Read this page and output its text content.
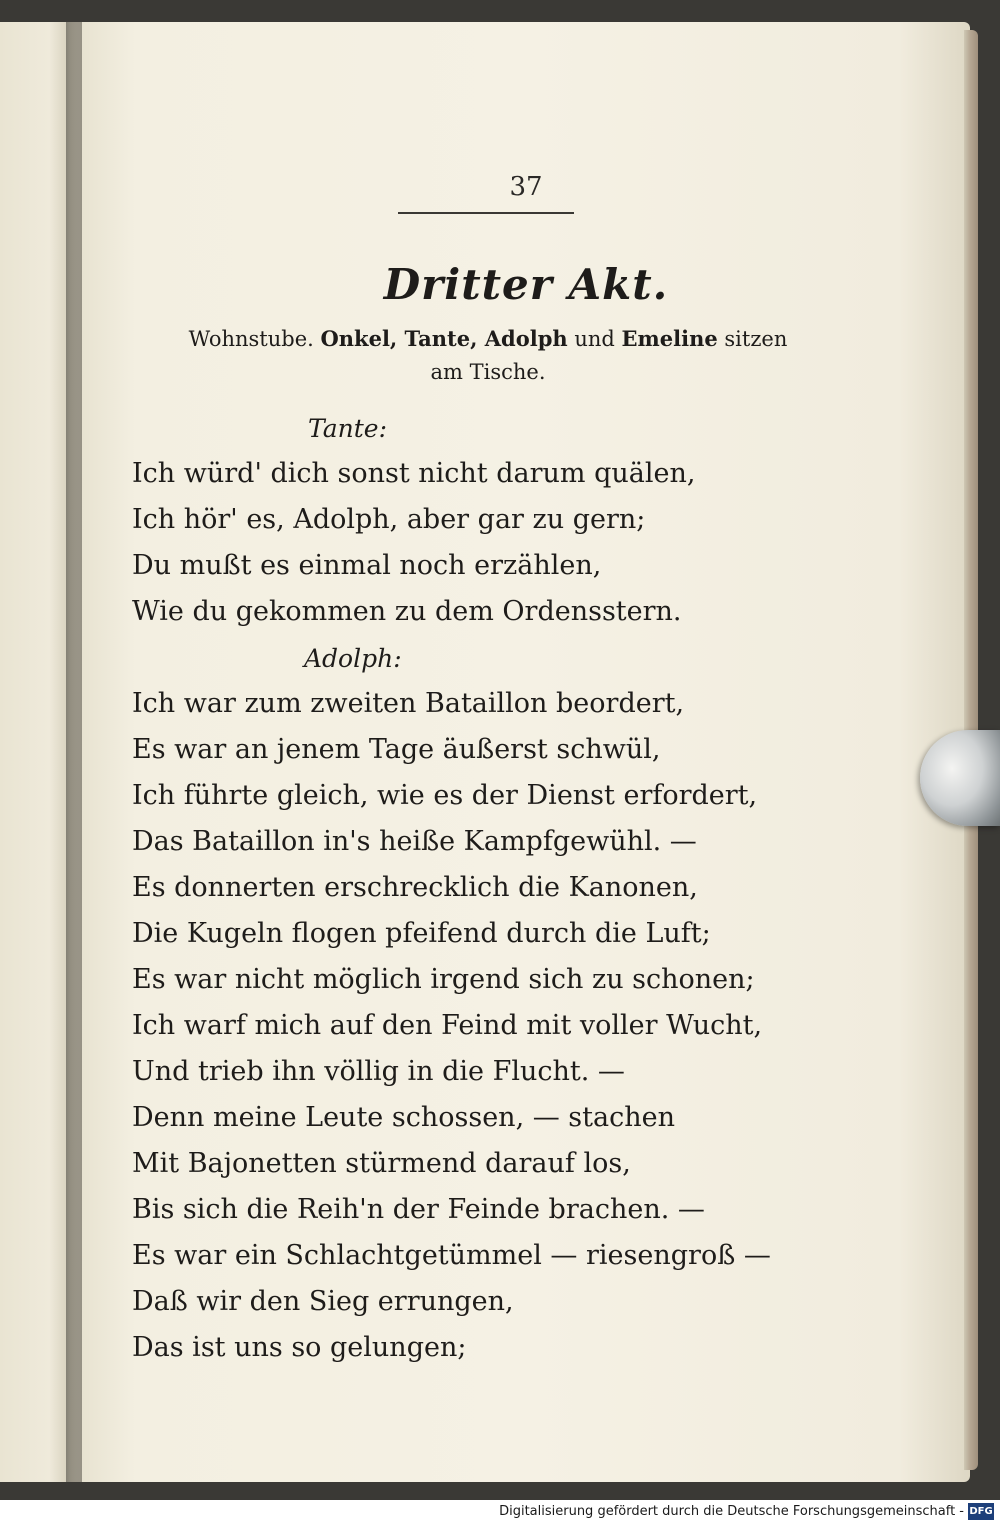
37
Dritter Akt.
Wohnstube. Onkel, Tante, Adolph und Emeline sitzen
am Tische.
Tante:
Ich würd' dich sonst nicht darum quälen,
Ich hör' es, Adolph, aber gar zu gern;
Du mußt es einmal noch erzählen,
Wie du gekommen zu dem Ordensstern.
Adolph:
Ich war zum zweiten Bataillon beordert,
Es war an jenem Tage äußerst schwül,
Ich führte gleich, wie es der Dienst erfordert,
Das Bataillon in's heiße Kampfgewühl. —
Es donnerten erschrecklich die Kanonen,
Die Kugeln flogen pfeifend durch die Luft;
Es war nicht möglich irgend sich zu schonen;
Ich warf mich auf den Feind mit voller Wucht,
Und trieb ihn völlig in die Flucht. —
Denn meine Leute schossen, — stachen
Mit Bajonetten stürmend darauf los,
Bis sich die Reih'n der Feinde brachen. —
Es war ein Schlachtgetümmel — riesengroß —
Daß wir den Sieg errungen,
Das ist uns so gelungen;
Digitalisierung gefördert durch die Deutsche Forschungsgemeinschaft - DFG
